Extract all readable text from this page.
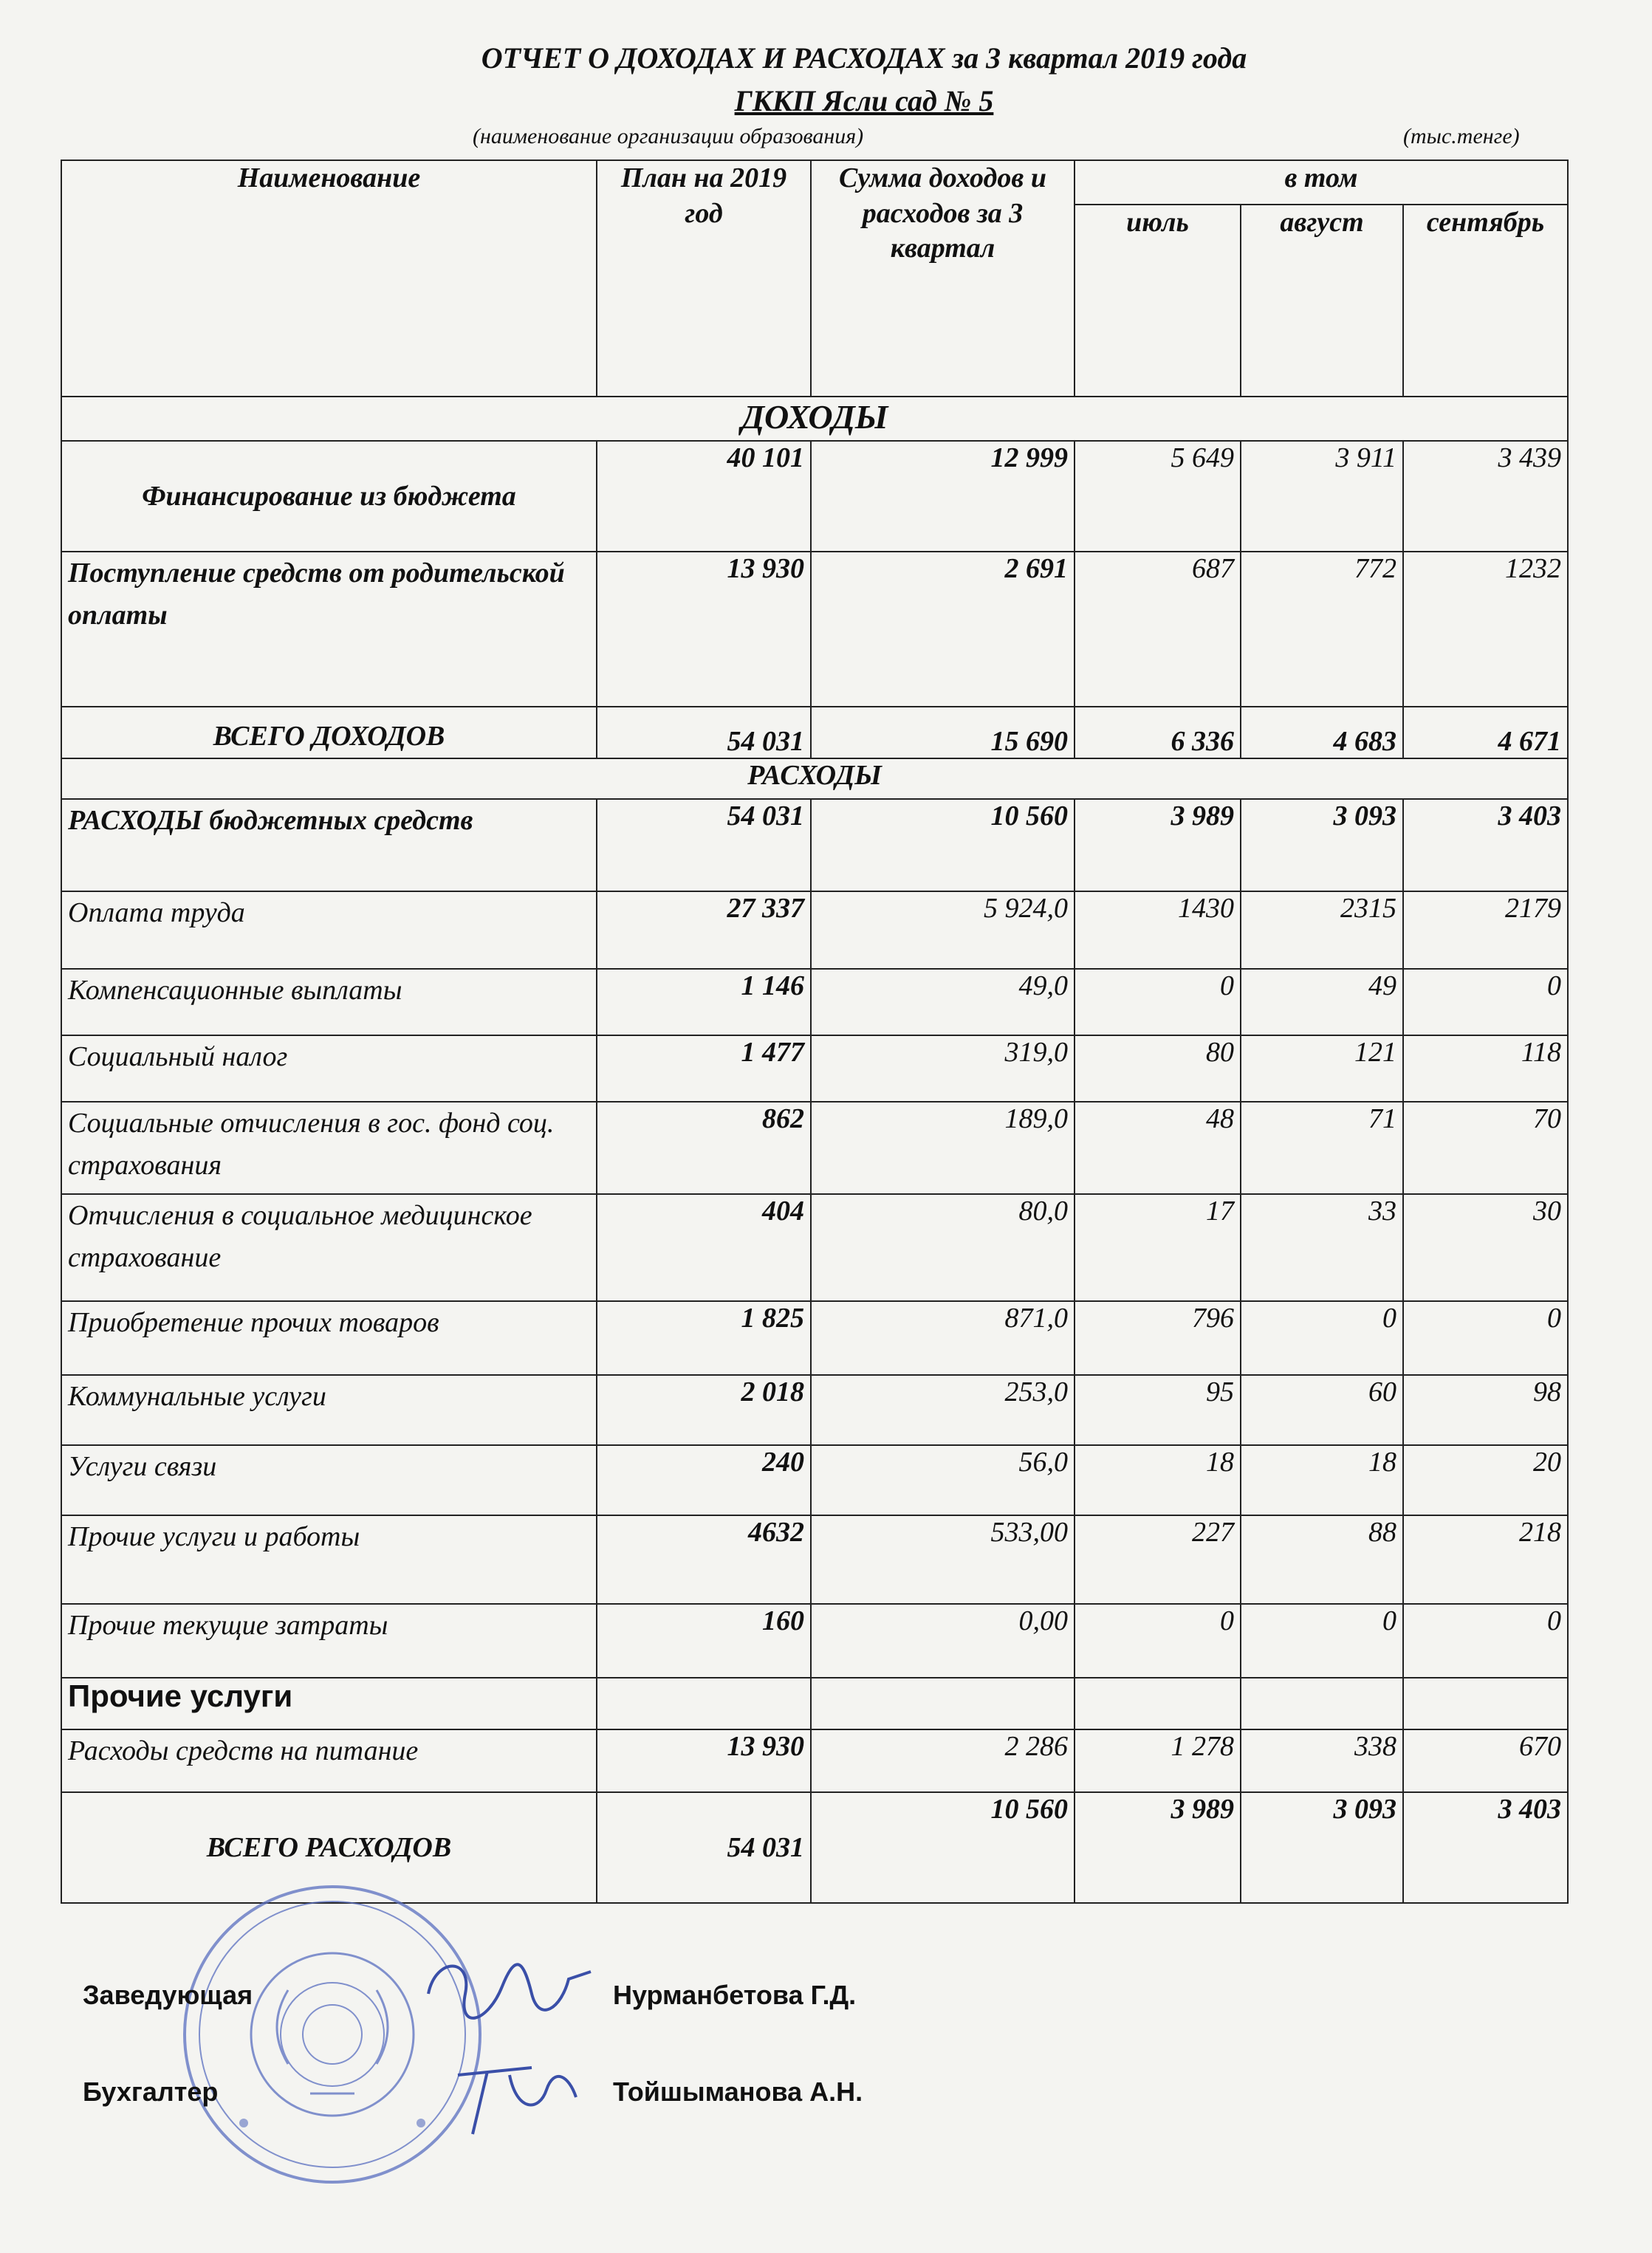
ОТЧЕТ О ДОХОДАХ И РАСХОДАХ за 3 квартал 2019 года
ГККП Ясли сад № 5
(наименование организации образования)	(тыс.тенге)
Наименование	План на 2019 год	Сумма доходов и расходов за 3 квартал	в том		
			июль	август	сентябрь
ДОХОДЫ					
Финансирование из бюджета	40 101	12 999	5 649	3 911	3 439
Поступление средств от родительской оплаты	13 930	2 691	687	772	1232
ВСЕГО ДОХОДОВ	54 031	15 690	6 336	4 683	4 671
РАСХОДЫ					
РАСХОДЫ бюджетных средств	54 031	10 560	3 989	3 093	3 403
Оплата труда	27 337	5 924,0	1430	2315	2179
Компенсационные выплаты	1 146	49,0	0	49	0
Социальный налог	1 477	319,0	80	121	118
Социальные отчисления в гос. фонд соц. страхования	862	189,0	48	71	70
Отчисления в социальное медицинское страхование	404	80,0	17	33	30
Приобретение прочих товаров	1 825	871,0	796	0	0
Коммунальные услуги	2 018	253,0	95	60	98
Услуги связи	240	56,0	18	18	20
Прочие услуги и работы	4632	533,00	227	88	218
Прочие текущие затраты	160	0,00	0	0	0
Прочие услуги					
Расходы средств на питание	13 930	2 286	1 278	338	670
ВСЕГО РАСХОДОВ	54 031	10 560	3 989	3 093	3 403
Заведующая	Нурманбетова Г.Д.
Бухгалтер	Тойшыманова А.Н.
